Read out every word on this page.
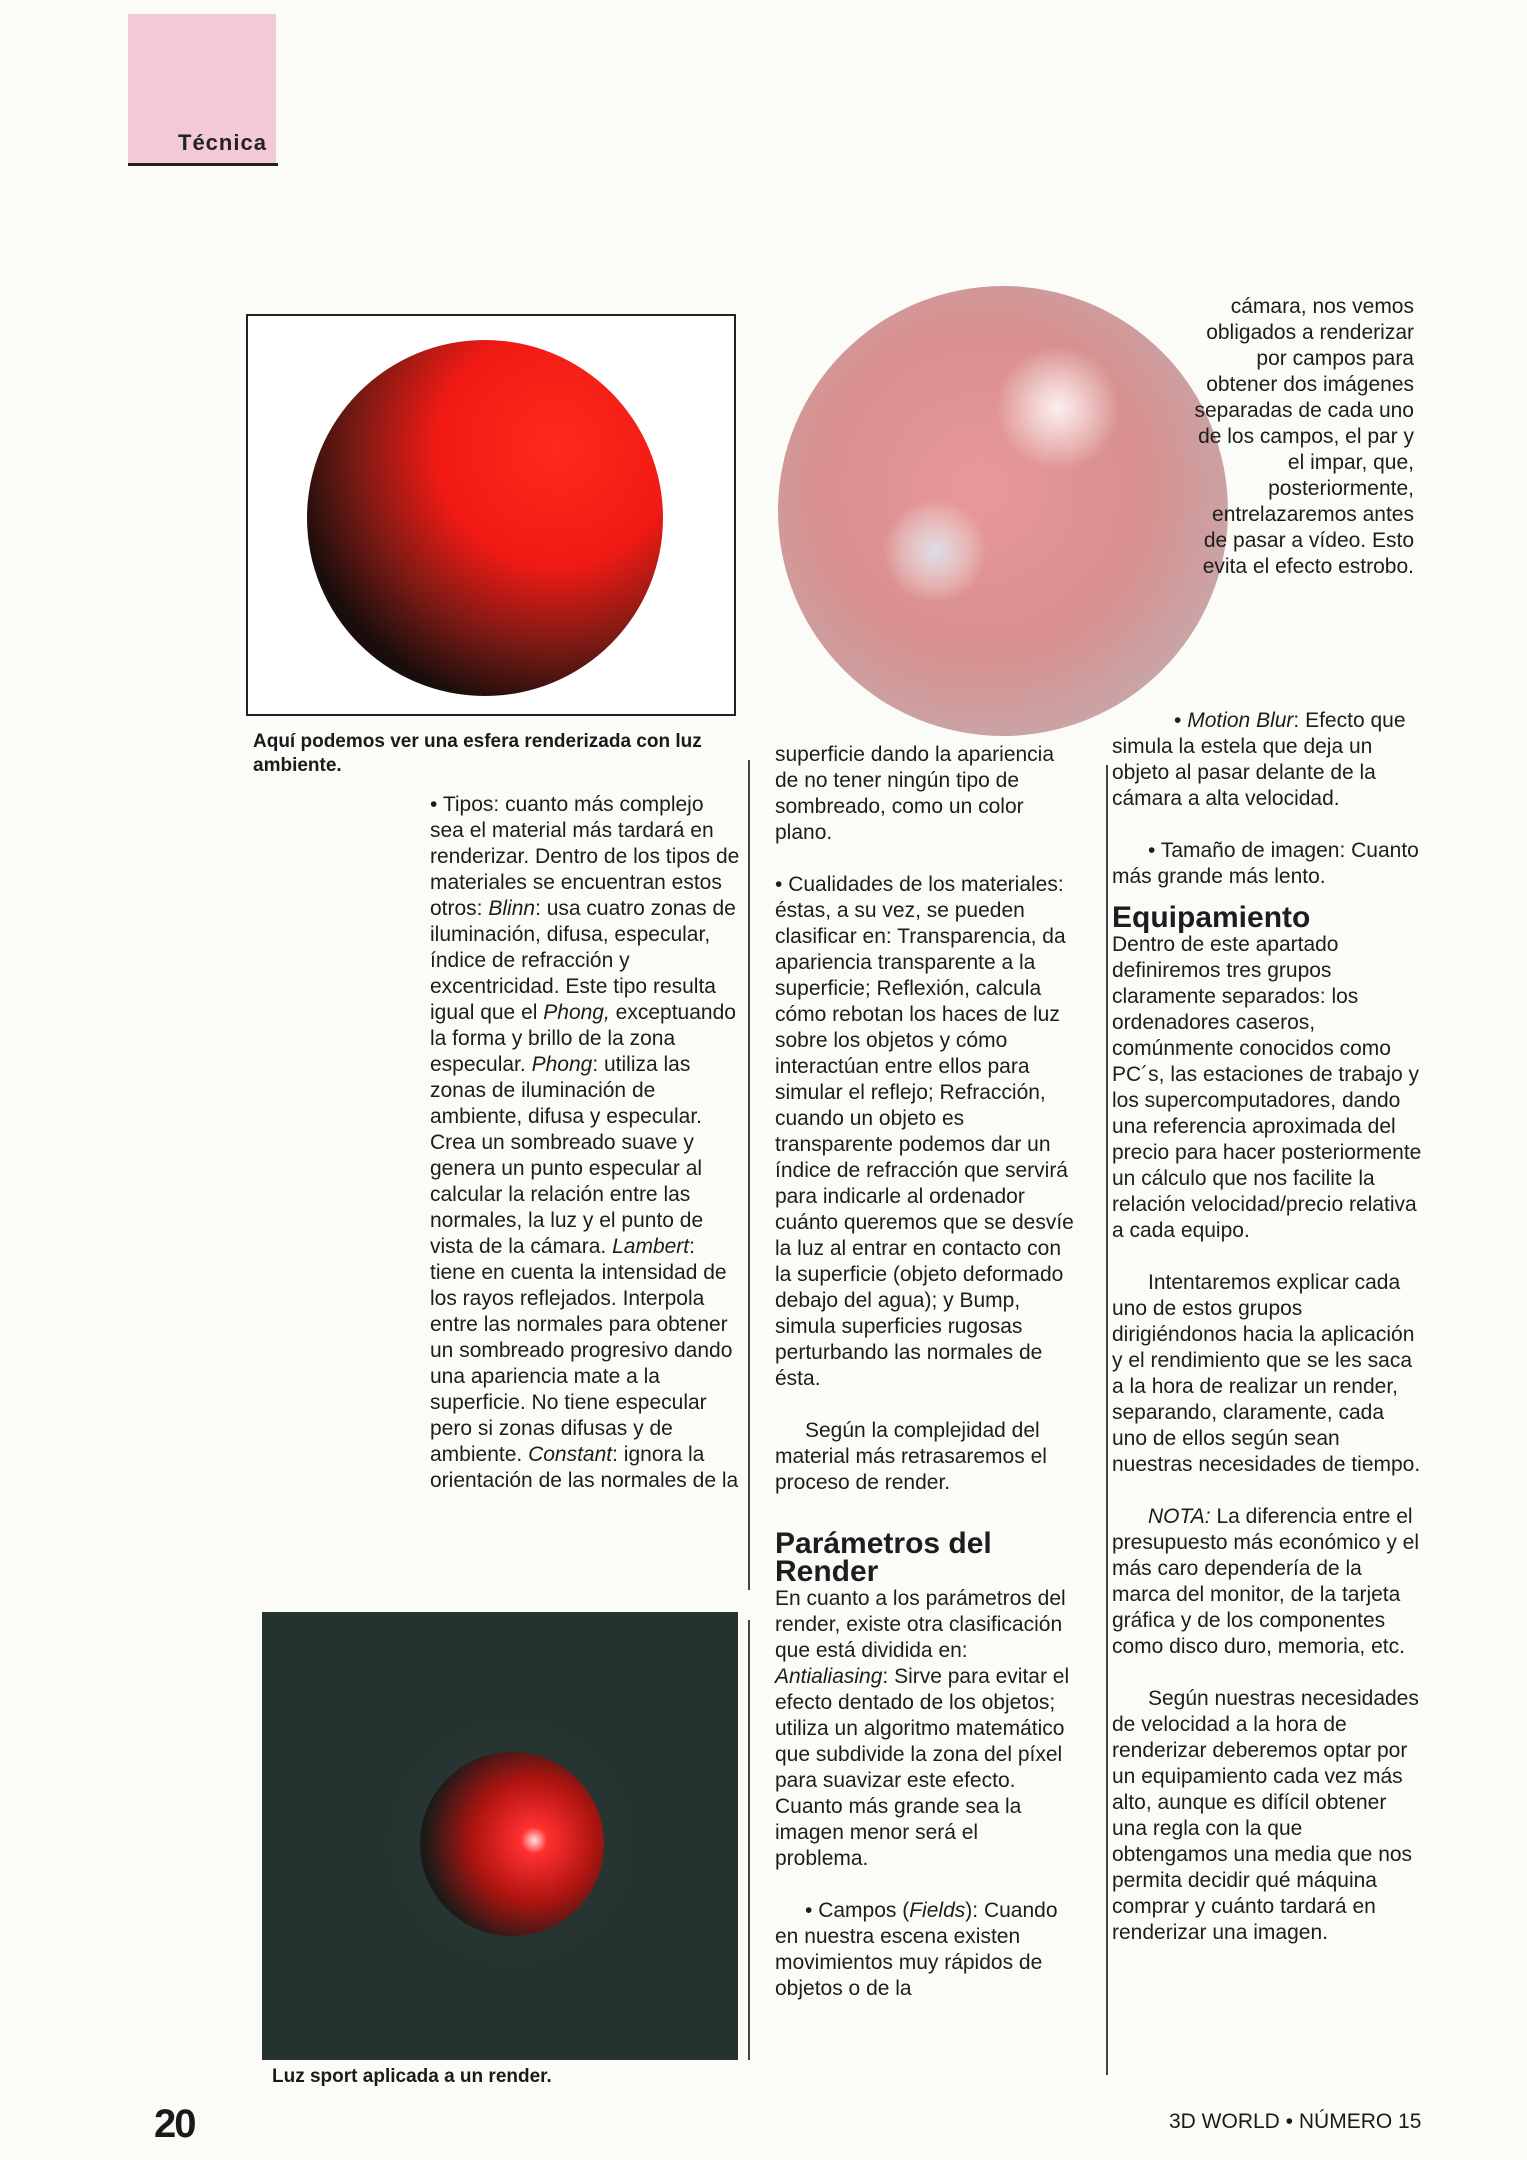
Técnica
Aquí podemos ver una esfera renderizada con luz ambiente.
Luz sport aplicada a un render.

• Tipos: cuanto más complejo sea el material más tardará en renderizar. Dentro de los tipos de materiales se encuentran estos otros: Blinn: usa cuatro zonas de iluminación, difusa, especular, índice de refracción y excentricidad. Este tipo resulta igual que el Phong, exceptuando la forma y brillo de la zona especular. Phong: utiliza las zonas de iluminación de ambiente, difusa y especular. Crea un sombreado suave y genera un punto especular al calcular la relación entre las normales, la luz y el punto de vista de la cámara. Lambert: tiene en cuenta la intensidad de los rayos reflejados. Interpola entre las normales para obtener un sombreado progresivo dando una apariencia mate a la superficie. No tiene especular pero si zonas difusas y de ambiente. Constant: ignora la orientación de las normales de la

superficie dando la apariencia de no tener ningún tipo de sombreado, como un color plano.

• Cualidades de los materiales: éstas, a su vez, se pueden clasificar en: Transparencia, da apariencia transparente a la superficie; Reflexión, calcula cómo rebotan los haces de luz sobre los objetos y cómo interactúan entre ellos para simular el reflejo; Refracción, cuando un objeto es transparente podemos dar un índice de refracción que servirá para indicarle al ordenador cuánto queremos que se desvíe la luz al entrar en contacto con la superficie (objeto deformado debajo del agua); y Bump, simula superficies rugosas perturbando las normales de ésta.

Según la complejidad del material más retrasaremos el proceso de render.

Parámetros del Render

En cuanto a los parámetros del render, existe otra clasificación que está dividida en: Antialiasing: Sirve para evitar el efecto dentado de los objetos; utiliza un algoritmo matemático que subdivide la zona del píxel para suavizar este efecto. Cuanto más grande sea la imagen menor será el problema.

• Campos (Fields): Cuando en nuestra escena existen movimientos muy rápidos de objetos o de la

cámara, nos vemos obligados a renderizar por campos para obtener dos imágenes separadas de cada uno de los campos, el par y el impar, que, posteriormente, entrelazaremos antes de pasar a vídeo. Esto evita el efecto estrobo.

• Motion Blur: Efecto que simula la estela que deja un objeto al pasar delante de la cámara a alta velocidad.

• Tamaño de imagen: Cuanto más grande más lento.

Equipamiento

Dentro de este apartado definiremos tres grupos claramente separados: los ordenadores caseros, comúnmente conocidos como PC´s, las estaciones de trabajo y los supercomputadores, dando una referencia aproximada del precio para hacer posteriormente un cálculo que nos facilite la relación velocidad/precio relativa a cada equipo.

Intentaremos explicar cada uno de estos grupos dirigiéndonos hacia la aplicación y el rendimiento que se les saca a la hora de realizar un render, separando, claramente, cada uno de ellos según sean nuestras necesidades de tiempo.

NOTA: La diferencia entre el presupuesto más económico y el más caro dependería de la marca del monitor, de la tarjeta gráfica y de los componentes como disco duro, memoria, etc.

Según nuestras necesidades de velocidad a la hora de renderizar deberemos optar por un equipamiento cada vez más alto, aunque es difícil obtener una regla con la que obtengamos una media que nos permita decidir qué máquina comprar y cuánto tardará en renderizar una imagen.

20	3D WORLD • NÚMERO 15
